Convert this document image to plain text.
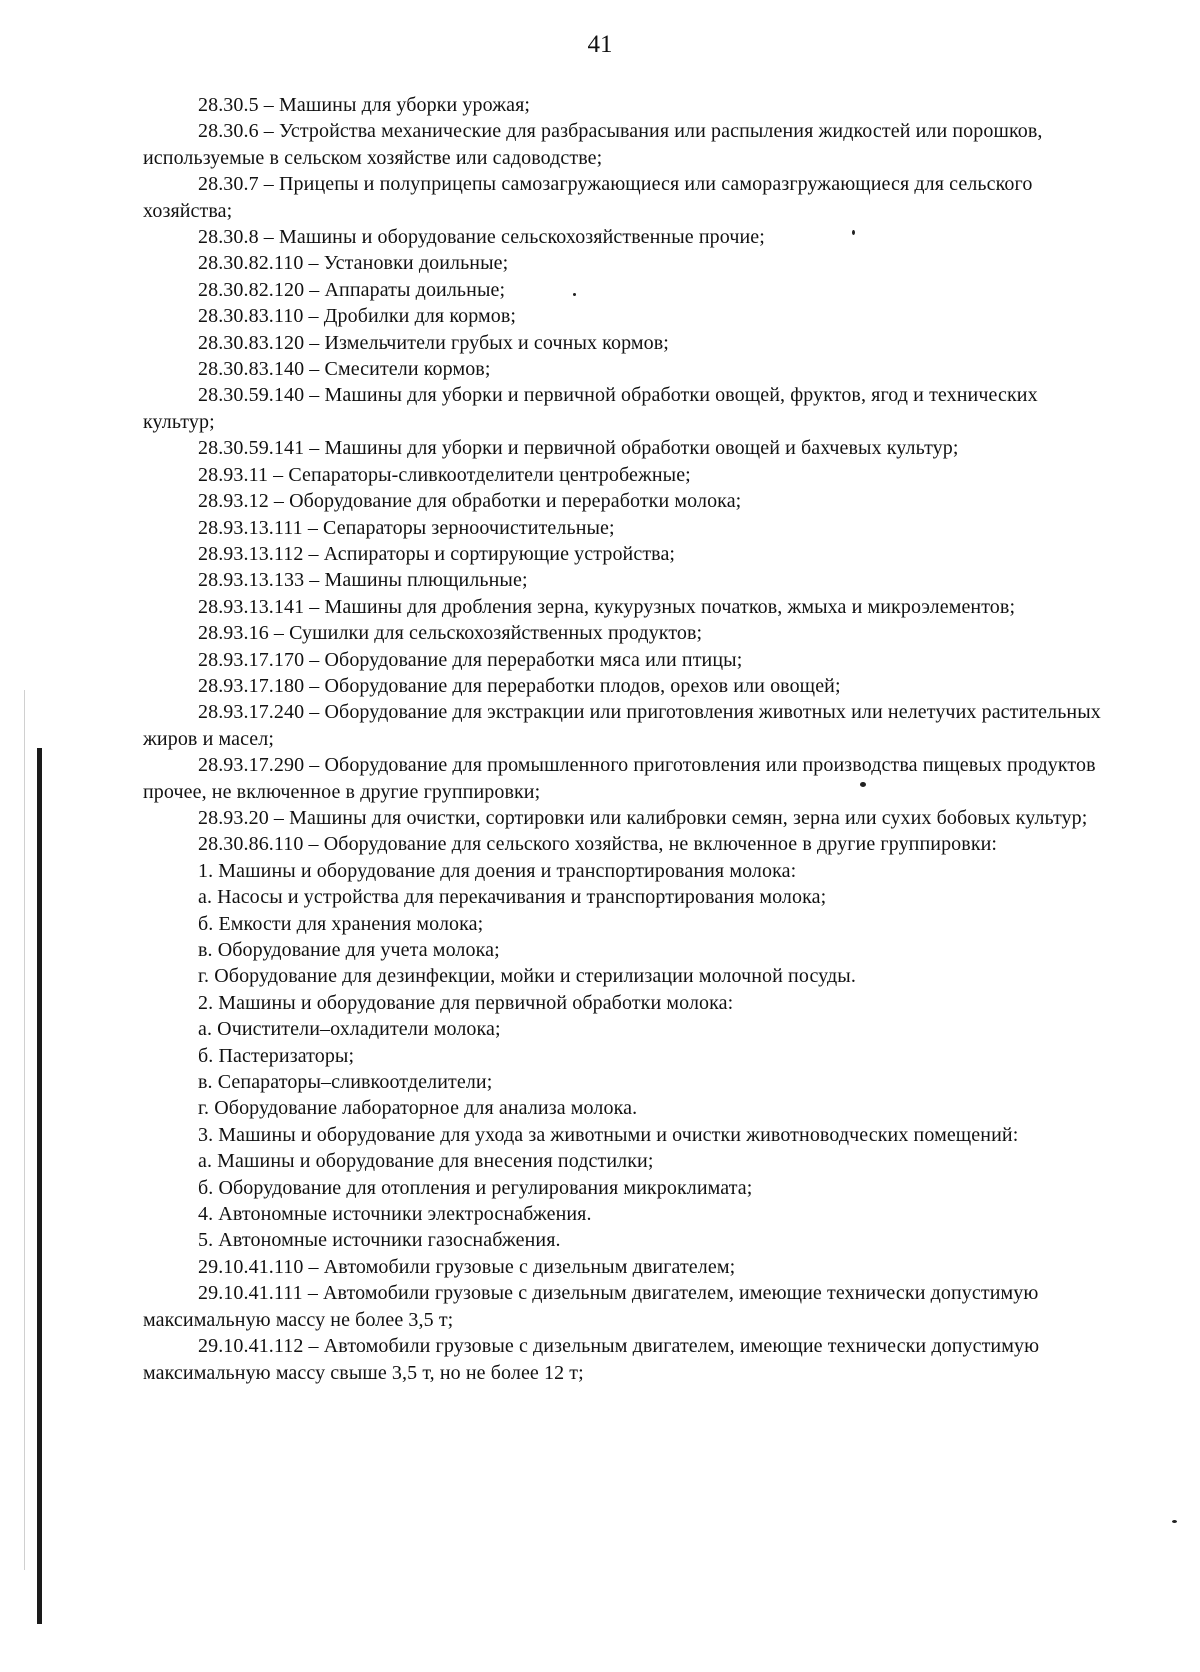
41

28.30.5 – Машины для уборки урожая;

28.30.6 – Устройства механические для разбрасывания или распыления жидкостей или порошков, используемые в сельском хозяйстве или садоводстве;

28.30.7 – Прицепы и полуприцепы самозагружающиеся или саморазгружающиеся для сельского хозяйства;

28.30.8 – Машины и оборудование сельскохозяйственные прочие;

28.30.82.110 – Установки доильные;

28.30.82.120 – Аппараты доильные;

28.30.83.110 – Дробилки для кормов;

28.30.83.120 – Измельчители грубых и сочных кормов;

28.30.83.140 – Смесители кормов;

28.30.59.140 – Машины для уборки и первичной обработки овощей, фруктов, ягод и технических культур;

28.30.59.141 – Машины для уборки и первичной обработки овощей и бахчевых культур;

28.93.11 – Сепараторы-сливкоотделители центробежные;

28.93.12 – Оборудование для обработки и переработки молока;

28.93.13.111 – Сепараторы зерноочистительные;

28.93.13.112 – Аспираторы и сортирующие устройства;

28.93.13.133 – Машины плющильные;

28.93.13.141 – Машины для дробления зерна, кукурузных початков, жмыха и микроэлементов;

28.93.16 – Сушилки для сельскохозяйственных продуктов;

28.93.17.170 – Оборудование для переработки мяса или птицы;

28.93.17.180 – Оборудование для переработки плодов, орехов или овощей;

28.93.17.240 – Оборудование для экстракции или приготовления животных или нелетучих растительных жиров и масел;

28.93.17.290 – Оборудование для промышленного приготовления или производства пищевых продуктов прочее, не включенное в другие группировки;

28.93.20 – Машины для очистки, сортировки или калибровки семян, зерна или сухих бобовых культур;

28.30.86.110 – Оборудование для сельского хозяйства, не включенное в другие группировки:

1. Машины и оборудование для доения и транспортирования молока:

а. Насосы и устройства для перекачивания и транспортирования молока;

б. Емкости для хранения молока;

в. Оборудование для учета молока;

г. Оборудование для дезинфекции, мойки и стерилизации молочной посуды.

2. Машины и оборудование для первичной обработки молока:

а. Очистители–охладители молока;

б. Пастеризаторы;

в. Сепараторы–сливкоотделители;

г. Оборудование лабораторное для анализа молока.

3. Машины и оборудование для ухода за животными и очистки животноводческих помещений:

а. Машины и оборудование для внесения подстилки;

б. Оборудование для отопления и регулирования микроклимата;

4. Автономные источники электроснабжения.

5. Автономные источники газоснабжения.

29.10.41.110 – Автомобили грузовые с дизельным двигателем;

29.10.41.111 – Автомобили грузовые с дизельным двигателем, имеющие технически допустимую максимальную массу не более 3,5 т;

29.10.41.112 – Автомобили грузовые с дизельным двигателем, имеющие технически допустимую максимальную массу свыше 3,5 т, но не более 12 т;
